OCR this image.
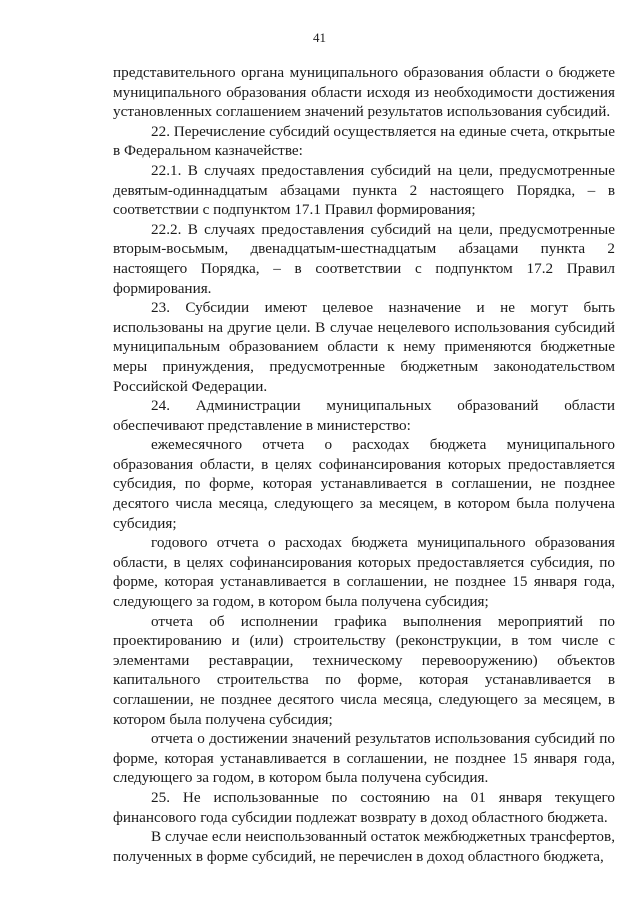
41

представительного органа муниципального образования области о бюджете муниципального образования области исходя из необходимости достижения установленных соглашением значений результатов использования субсидий.

22. Перечисление субсидий осуществляется на единые счета, открытые в Федеральном казначействе:

22.1. В случаях предоставления субсидий на цели, предусмотренные девятым-одиннадцатым абзацами пункта 2 настоящего Порядка, – в соответствии с подпунктом 17.1 Правил формирования;

22.2. В случаях предоставления субсидий на цели, предусмотренные вторым-восьмым, двенадцатым-шестнадцатым абзацами пункта 2 настоящего Порядка, – в соответствии с подпунктом 17.2 Правил формирования.

23. Субсидии имеют целевое назначение и не могут быть использованы на другие цели. В случае нецелевого использования субсидий муниципальным образованием области к нему применяются бюджетные меры принуждения, предусмотренные бюджетным законодательством Российской Федерации.

24. Администрации муниципальных образований области обеспечивают представление в министерство:

ежемесячного отчета о расходах бюджета муниципального образования области, в целях софинансирования которых предоставляется субсидия, по форме, которая устанавливается в соглашении, не позднее десятого числа месяца, следующего за месяцем, в котором была получена субсидия;

годового отчета о расходах бюджета муниципального образования области, в целях софинансирования которых предоставляется субсидия, по форме, которая устанавливается в соглашении, не позднее 15 января года, следующего за годом, в котором была получена субсидия;

отчета об исполнении графика выполнения мероприятий по проектированию и (или) строительству (реконструкции, в том числе с элементами реставрации, техническому перевооружению) объектов капитального строительства по форме, которая устанавливается в соглашении, не позднее десятого числа месяца, следующего за месяцем, в котором была получена субсидия;

отчета о достижении значений результатов использования субсидий по форме, которая устанавливается в соглашении, не позднее 15 января года, следующего за годом, в котором была получена субсидия.

25. Не использованные по состоянию на 01 января текущего финансового года субсидии подлежат возврату в доход областного бюджета.

В случае если неиспользованный остаток межбюджетных трансфертов, полученных в форме субсидий, не перечислен в доход областного бюджета,
